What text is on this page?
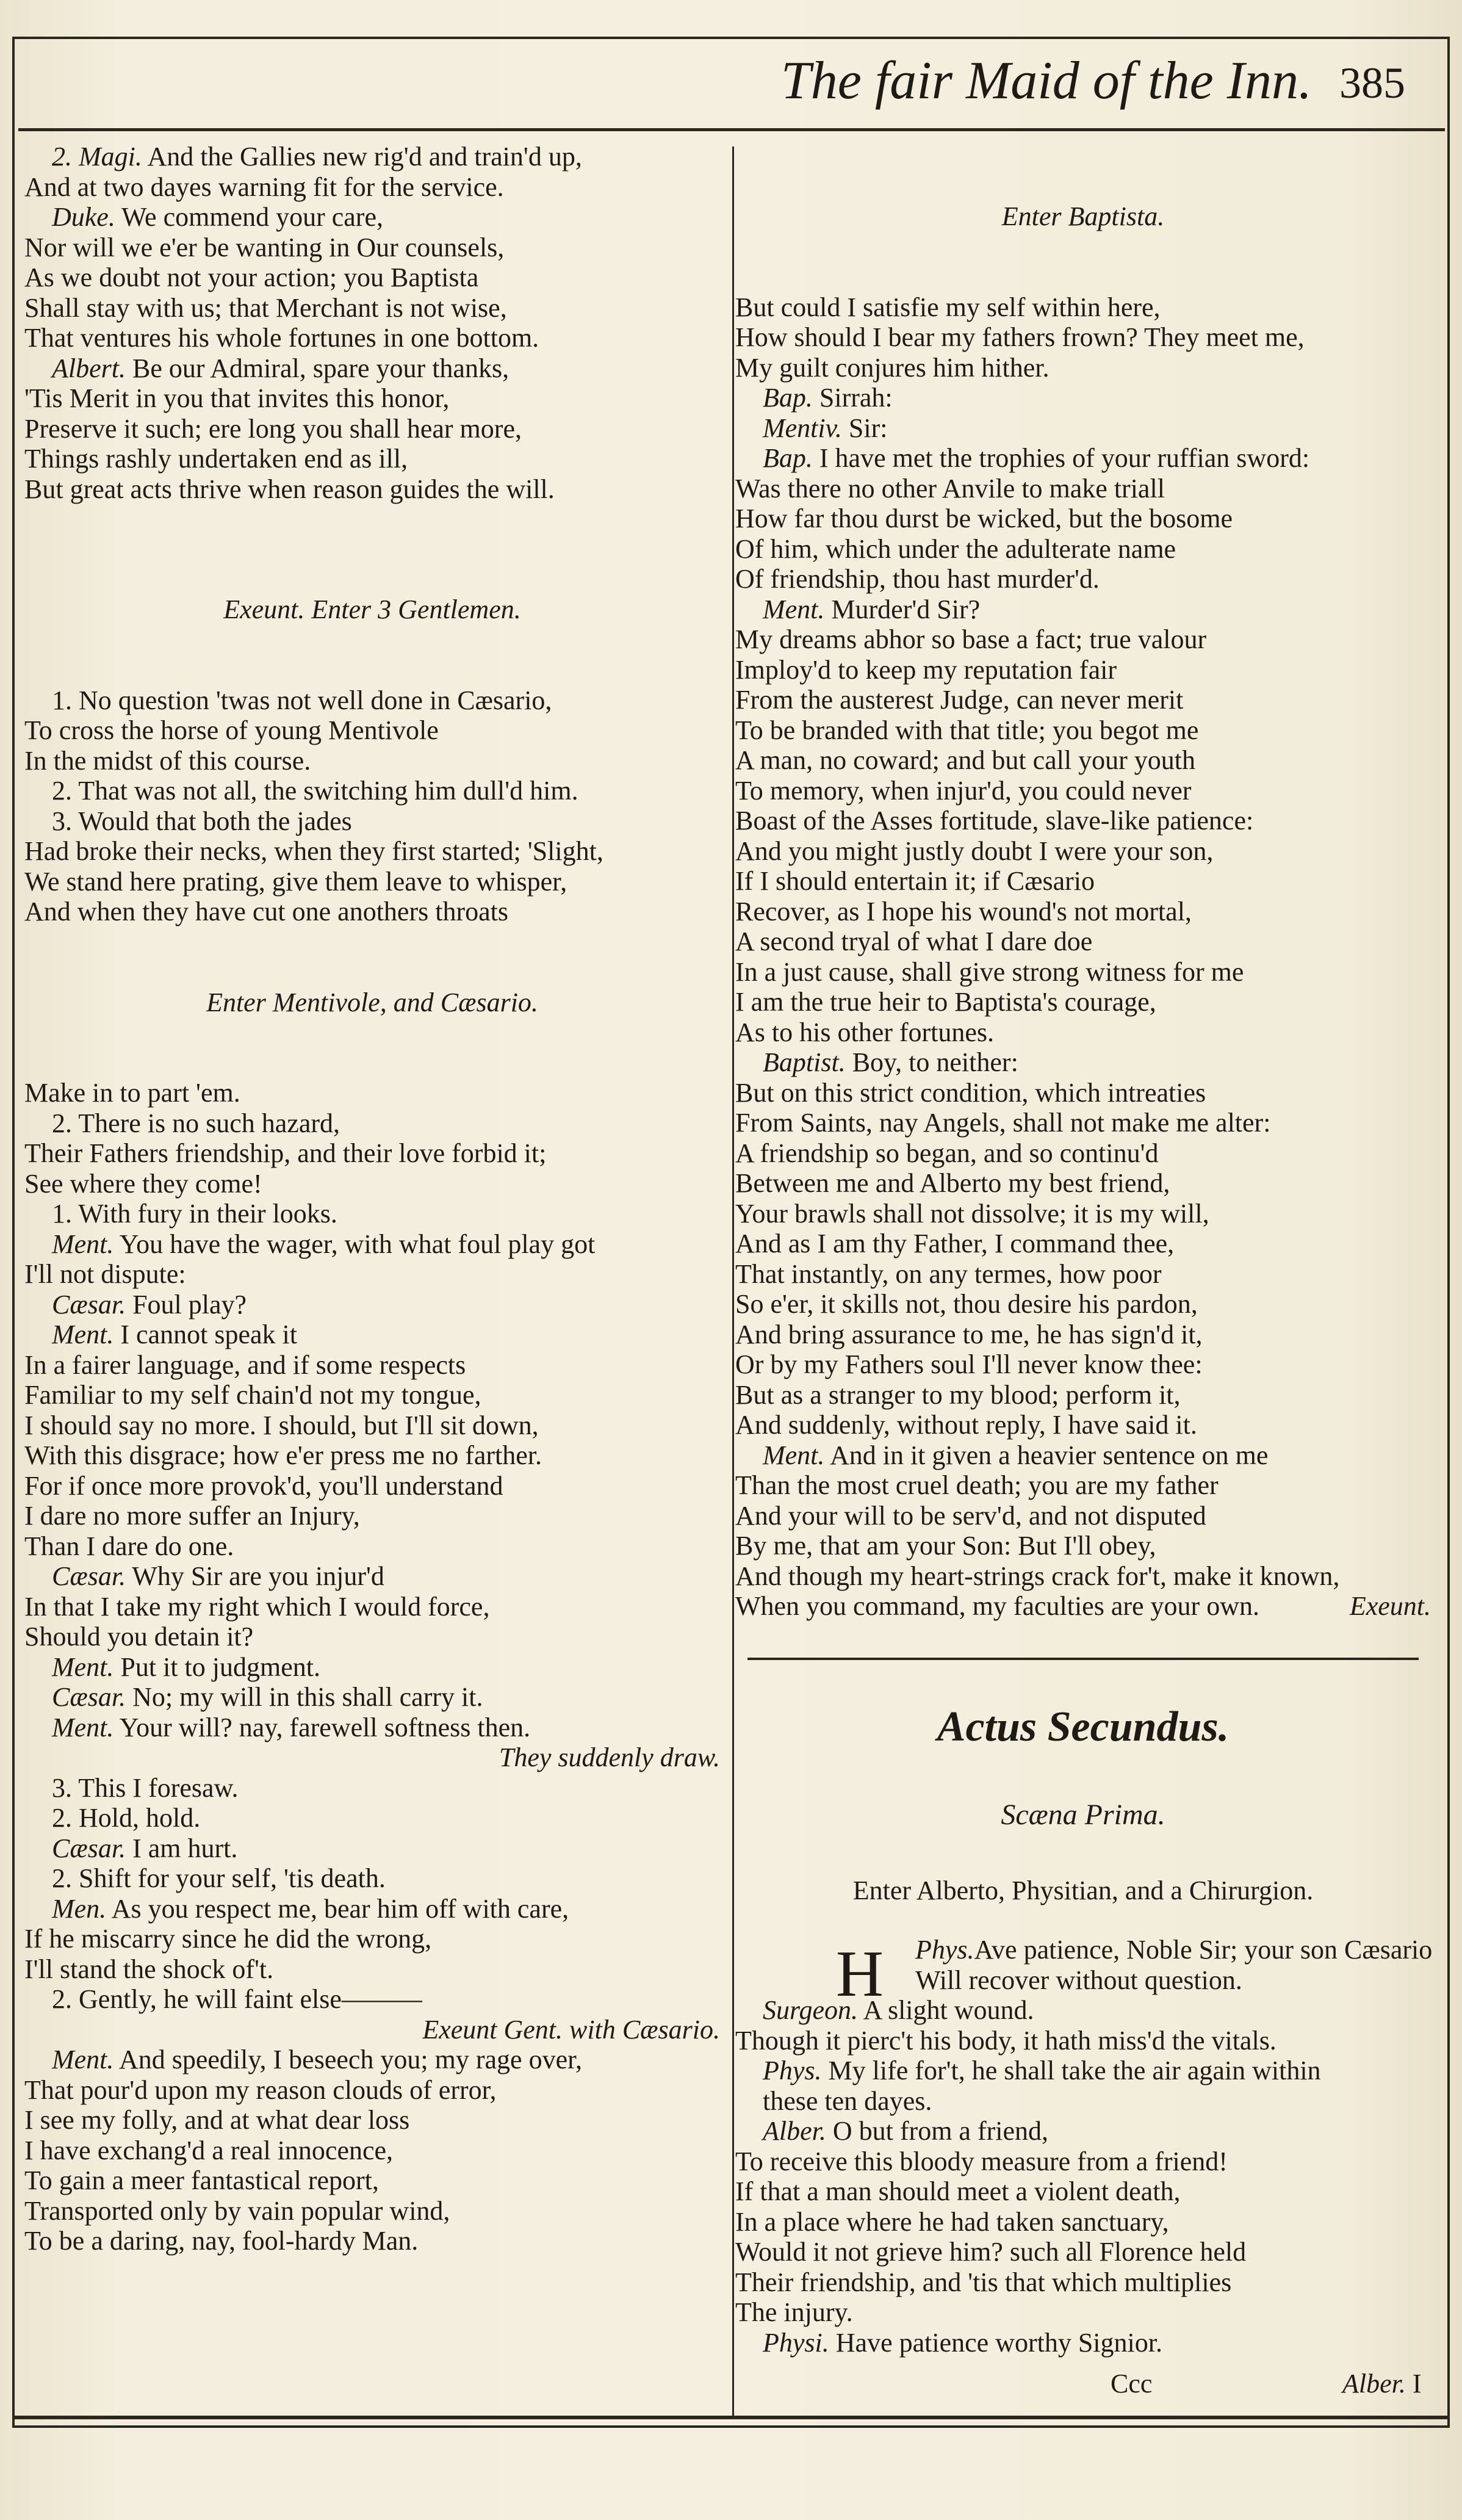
The fair Maid of the Inn. 385
2. Magi. And the Gallies new rig'd and train'd up,
And at two dayes warning fit for the service.
Duke. We commend your care,
Nor will we e'er be wanting in Our counsels,
As we doubt not your action; you Baptista
Shall stay with us; that Merchant is not wise,
That ventures his whole fortunes in one bottom.
Albert. Be our Admiral, spare your thanks,
'Tis Merit in you that invites this honor,
Preserve it such; ere long you shall hear more,
Things rashly undertaken end as ill,
But great acts thrive when reason guides the will.
Exeunt. Enter 3 Gentlemen.
1. No question 'twas not well done in Cæsario,
To cross the horse of young Mentivole
In the midst of this course.
2. That was not all, the switching him dull'd him.
3. Would that both the jades
Had broke their necks, when they first started; 'Slight,
We stand here prating, give them leave to whisper,
And when they have cut one anothers throats
Enter Mentivole, and Cæsario.
Make in to part 'em.
2. There is no such hazard,
Their Fathers friendship, and their love forbid it;
See where they come!
1. With fury in their looks.
Ment. You have the wager, with what foul play got
I'll not dispute:
Cæsar. Foul play?
Ment. I cannot speak it
In a fairer language, and if some respects
Familiar to my self chain'd not my tongue,
I should say no more. I should, but I'll sit down,
With this disgrace; how e'er press me no farther.
For if once more provok'd, you'll understand
I dare no more suffer an Injury,
Than I dare do one.
Cæsar. Why Sir are you injur'd
In that I take my right which I would force,
Should you detain it?
Ment. Put it to judgment.
Cæsar. No; my will in this shall carry it.
Ment. Your will? nay, farewell softness then.
They suddenly draw.
3. This I foresaw.
2. Hold, hold.
Cæsar. I am hurt.
2. Shift for your self, 'tis death.
Men. As you respect me, bear him off with care,
If he miscarry since he did the wrong,
I'll stand the shock of't.
2. Gently, he will faint else———
Exeunt Gent. with Cæsario.
Ment. And speedily, I beseech you; my rage over,
That pour'd upon my reason clouds of error,
I see my folly, and at what dear loss
I have exchang'd a real innocence,
To gain a meer fantastical report,
Transported only by vain popular wind,
To be a daring, nay, fool-hardy Man.
Enter Baptista.
But could I satisfie my self within here,
How should I bear my fathers frown? They meet me,
My guilt conjures him hither.
Bap. Sirrah:
Mentiv. Sir:
Bap. I have met the trophies of your ruffian sword:
Was there no other Anvile to make triall
How far thou durst be wicked, but the bosome
Of him, which under the adulterate name
Of friendship, thou hast murder'd.
Ment. Murder'd Sir?
My dreams abhor so base a fact; true valour
Imploy'd to keep my reputation fair
From the austerest Judge, can never merit
To be branded with that title; you begot me
A man, no coward; and but call your youth
To memory, when injur'd, you could never
Boast of the Asses fortitude, slave-like patience:
And you might justly doubt I were your son,
If I should entertain it; if Cæsario
Recover, as I hope his wound's not mortal,
A second tryal of what I dare doe
In a just cause, shall give strong witness for me
I am the true heir to Baptista's courage,
As to his other fortunes.
Baptist. Boy, to neither:
But on this strict condition, which intreaties
From Saints, nay Angels, shall not make me alter:
A friendship so began, and so continu'd
Between me and Alberto my best friend,
Your brawls shall not dissolve; it is my will,
And as I am thy Father, I command thee,
That instantly, on any termes, how poor
So e'er, it skills not, thou desire his pardon,
And bring assurance to me, he has sign'd it,
Or by my Fathers soul I'll never know thee:
But as a stranger to my blood; perform it,
And suddenly, without reply, I have said it.
Ment. And in it given a heavier sentence on me
Than the most cruel death; you are my father
And your will to be serv'd, and not disputed
By me, that am your Son: But I'll obey,
And though my heart-strings crack for't, make it known,
When you command, my faculties are your own.	Exeunt.
Actus Secundus.
Scæna Prima.
Enter Alberto, Physitian, and a Chirurgion.
H	Phys.Ave patience, Noble Sir; your son Cæsario
Will recover without question.
Surgeon. A slight wound.
Though it pierc't his body, it hath miss'd the vitals.
Phys. My life for't, he shall take the air again within
these ten dayes.
Alber. O but from a friend,
To receive this bloody measure from a friend!
If that a man should meet a violent death,
In a place where he had taken sanctuary,
Would it not grieve him? such all Florence held
Their friendship, and 'tis that which multiplies
The injury.
Physi. Have patience worthy Signior.
Ccc	Alber. I
